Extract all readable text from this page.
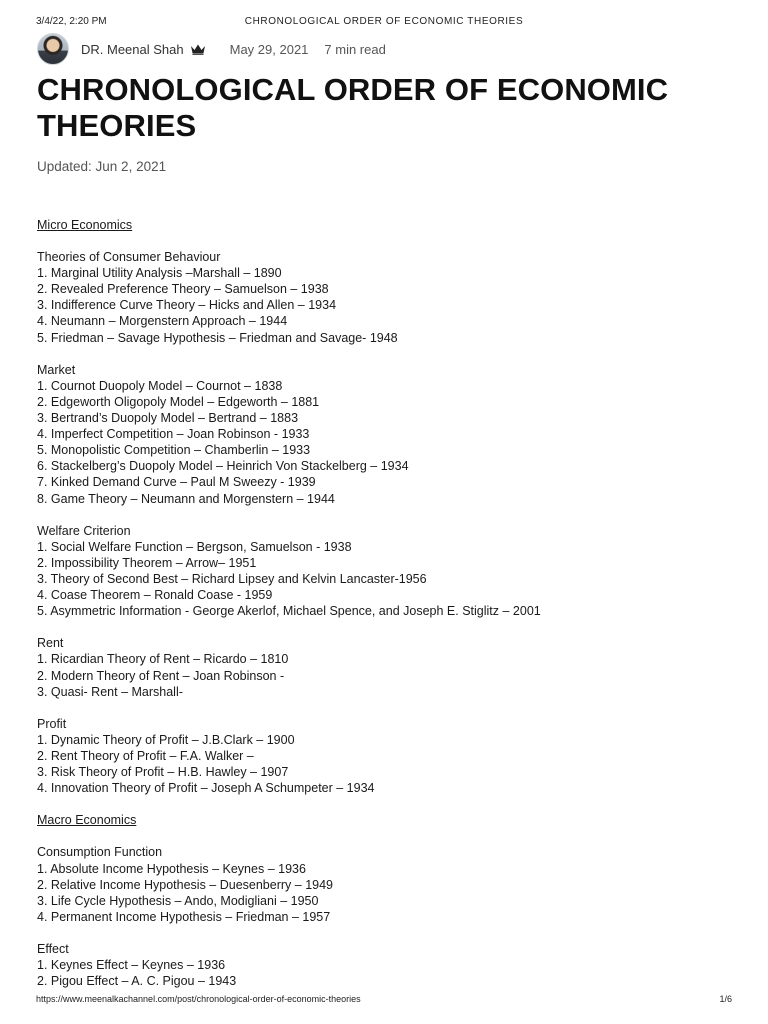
3/4/22, 2:20 PM	CHRONOLOGICAL ORDER OF ECONOMIC THEORIES
DR. Meenal Shah	May 29, 2021 7 min read
CHRONOLOGICAL ORDER OF ECONOMIC THEORIES
Updated: Jun 2, 2021
Micro Economics
Theories of Consumer Behaviour
1. Marginal Utility Analysis –Marshall – 1890
2. Revealed Preference Theory – Samuelson – 1938
3. Indifference Curve Theory – Hicks and Allen – 1934
4. Neumann – Morgenstern Approach – 1944
5. Friedman – Savage Hypothesis – Friedman and Savage- 1948
Market
1. Cournot Duopoly Model – Cournot – 1838
2. Edgeworth Oligopoly Model – Edgeworth – 1881
3. Bertrand’s Duopoly Model – Bertrand – 1883
4. Imperfect Competition – Joan Robinson - 1933
5. Monopolistic Competition – Chamberlin – 1933
6. Stackelberg’s Duopoly Model – Heinrich Von Stackelberg – 1934
7. Kinked Demand Curve – Paul M Sweezy - 1939
8. Game Theory – Neumann and Morgenstern – 1944
Welfare Criterion
1. Social Welfare Function – Bergson, Samuelson - 1938
2. Impossibility Theorem – Arrow– 1951
3. Theory of Second Best – Richard Lipsey and Kelvin Lancaster-1956
4. Coase Theorem – Ronald Coase - 1959
5. Asymmetric Information - George Akerlof, Michael Spence, and Joseph E. Stiglitz – 2001
Rent
1. Ricardian Theory of Rent – Ricardo – 1810
2. Modern Theory of Rent – Joan Robinson -
3. Quasi- Rent – Marshall-
Profit
1. Dynamic Theory of Profit – J.B.Clark – 1900
2. Rent Theory of Profit – F.A. Walker –
3. Risk Theory of Profit – H.B. Hawley – 1907
4. Innovation Theory of Profit – Joseph A Schumpeter – 1934
Macro Economics
Consumption Function
1. Absolute Income Hypothesis – Keynes – 1936
2. Relative Income Hypothesis – Duesenberry – 1949
3. Life Cycle Hypothesis – Ando, Modigliani – 1950
4. Permanent Income Hypothesis – Friedman – 1957
Effect
1. Keynes Effect – Keynes – 1936
2. Pigou Effect – A. C. Pigou – 1943
https://www.meenalkachannel.com/post/chronological-order-of-economic-theories	1/6
